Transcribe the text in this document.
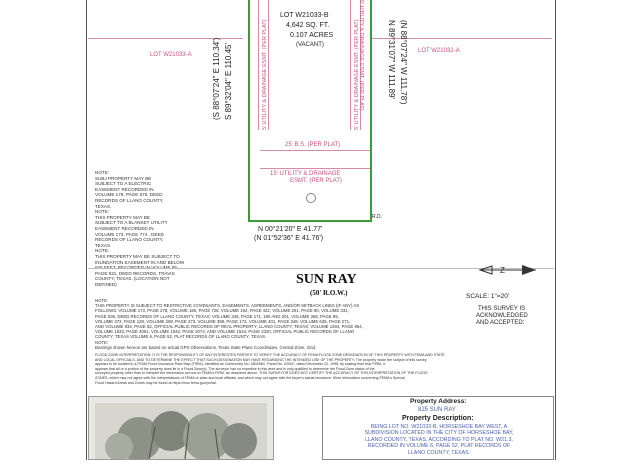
LOT W21033-B
4,642 SQ. FT.
0.107 ACRES
(VACANT)
LOT W21033-A
LOT W21032-A
(S 88°07'24" E 110.34') S 89°32'04" E 110.45'	N 89°31'07" W 111.89' (N 88°07'24" W 111.78')
5' UTILITY & DRAINAGE ESMT. (PER PLAT)	5' UTILITY & DRAINAGE ESMT. (PER PLAT)
5' UTILITY & DRAINAGE ESMT. (PER PLAT)
25' B.S. (PER PLAT)
15' UTILITY & DRAINAGE
ESMT. (PER PLAT)
R.D.
N 00°21'20" E 41.77'
(N 01°52'36" E 41.76')
NOTE:
SUBJ PROPERTY MAY BE
SUBJECT TO A ELECTRIC
EASEMENT RECORDED IN
VOLUME 178, PAGE 875, DEED
RECORDS OF LLANO COUNTY,
TEXAS.
NOTE:
THIS PROPERTY MAY BE
SUBJECT TO A BLANKET UTILITY
EASEMENT RECORDED IN
VOLUME 173, PAGE 774 , DEED
RECORDS OF LLANO COUNTY,
TEXAS.
NOTE:
THIS PROPERTY MAY BE SUBJECT TO
INUNDATION EASEMENT IN AND BELOW
PAGE 631, DEED RECORDS, TRAVIS
COUNTY, TEXAS. (LOCATION NOT
DEFINED)	SUN RAY
(50' R.O.W.)
Z
SCALE: 1"=20'
THIS SURVEY IS
ACKNOWLEDGED
AND ACCEPTED:
NOTE:
THIS PROPERTY IS SUBJECT TO RESTRICTIVE COVENANTS, EASEMENTS, AGREEMENTS, AND/OR SETBACK LINES (IF ANY) AS
FOLLOWS: VOLUME 173, PAGE 278, VOLUME 180, PAGE 728, VOLUME 194, PAGE 422, VOLUME 201, PAGE 90, VOLUME 331,
PAGE 536, DEED RECORDS OF LLANO COUNTY, TEXAS; VOLUME 345, PAGE 171, 180 AND 201, VOLUME 356, PAGE 95,
VOLUME 372, PAGE 128, VOLUME 208, PAGE 273, VOLUME 398, PAGE 173, VOLUME 401, PAGE 348, VOLUME 635, PAGE 271,
AND VOLUME 834, PAGE 82, OFFICIAL PUBLIC RECORDS OF REAL PROPERTY, LLANO COUNTY, TEXAS; VOLUME 1284, PAGE 864,
VOLUME 1533, PAGE 4061, VOLUME 1542, PAGE 2074, AND VOLUME 1544, PAGE 2320, OFFICIAL PUBLIC RECORDS OF LLANO
COUNTY, TEXAS VOLUME 6, PAGE 52, PLAT RECORDS OF LLANO COUNTY, TEXAS.
NOTE:
Bearings shown hereon are based on actual GPS Observations, Texas State Plane Coordinates, Central Zone, Grid.
FLOOD ZONE INTERPRETATION: IT IS THE RESPONSIBILITY OF ANY INTERESTED PARTIES TO VERIFY THE ACCURACY OF FEMA FLOOD ZONE DESIGNATION OF THIS PROPERTY WITH FEMA AND STATE
AND LOCAL OFFICIALS, AND TO DETERMINE THE EFFECT THAT SUCH DESIGNATION MAY HAVE REGARDING THE INTENDED USE OF THE PROPERTY. The property made the subject of this survey
appears to be located in a FEMA Flood Insurance Rate Map (FIRM), identified as Community No. 480456C, Panel No. 0200C, dated December 22, 1998, by scaling from that FIRM, it
appears that all or a portion of the property does lie in a Flood Zone(s). The surveyor has no expertise in this area and is only qualified to determine the Flood Zone status of the
surveyed property other than to interpret the information set out on FEMA's FIRM, as described above. THIS SURVEYOR DOES NOT CERTIFY THE ACCURACY OF THIS INTERPRETATION OF THE FLOOD
ZONES, which may not agree with the interpretations of FEMA or state and local officials, and which may not agree with the buyer's actual insurance. More information concerning FEMA's Special
Flood Hazard Areas and Zones may be found at https://msc.fema.gov/portal.
Property Address:
825 SUN RAY
Property Description:
BEING LOT NO. W21033-B, HORSESHOE BAY WEST, A
SUBDIVISION LOCATED IN THE CITY OF HORSESHOE BAY,
LLANO COUNTY, TEXAS, ACCORDING TO PLAT NO. W21.3,
RECORDED IN VOLUME 6, PAGE 52, PLAT RECORDS OF
LLANO COUNTY, TEXAS.
